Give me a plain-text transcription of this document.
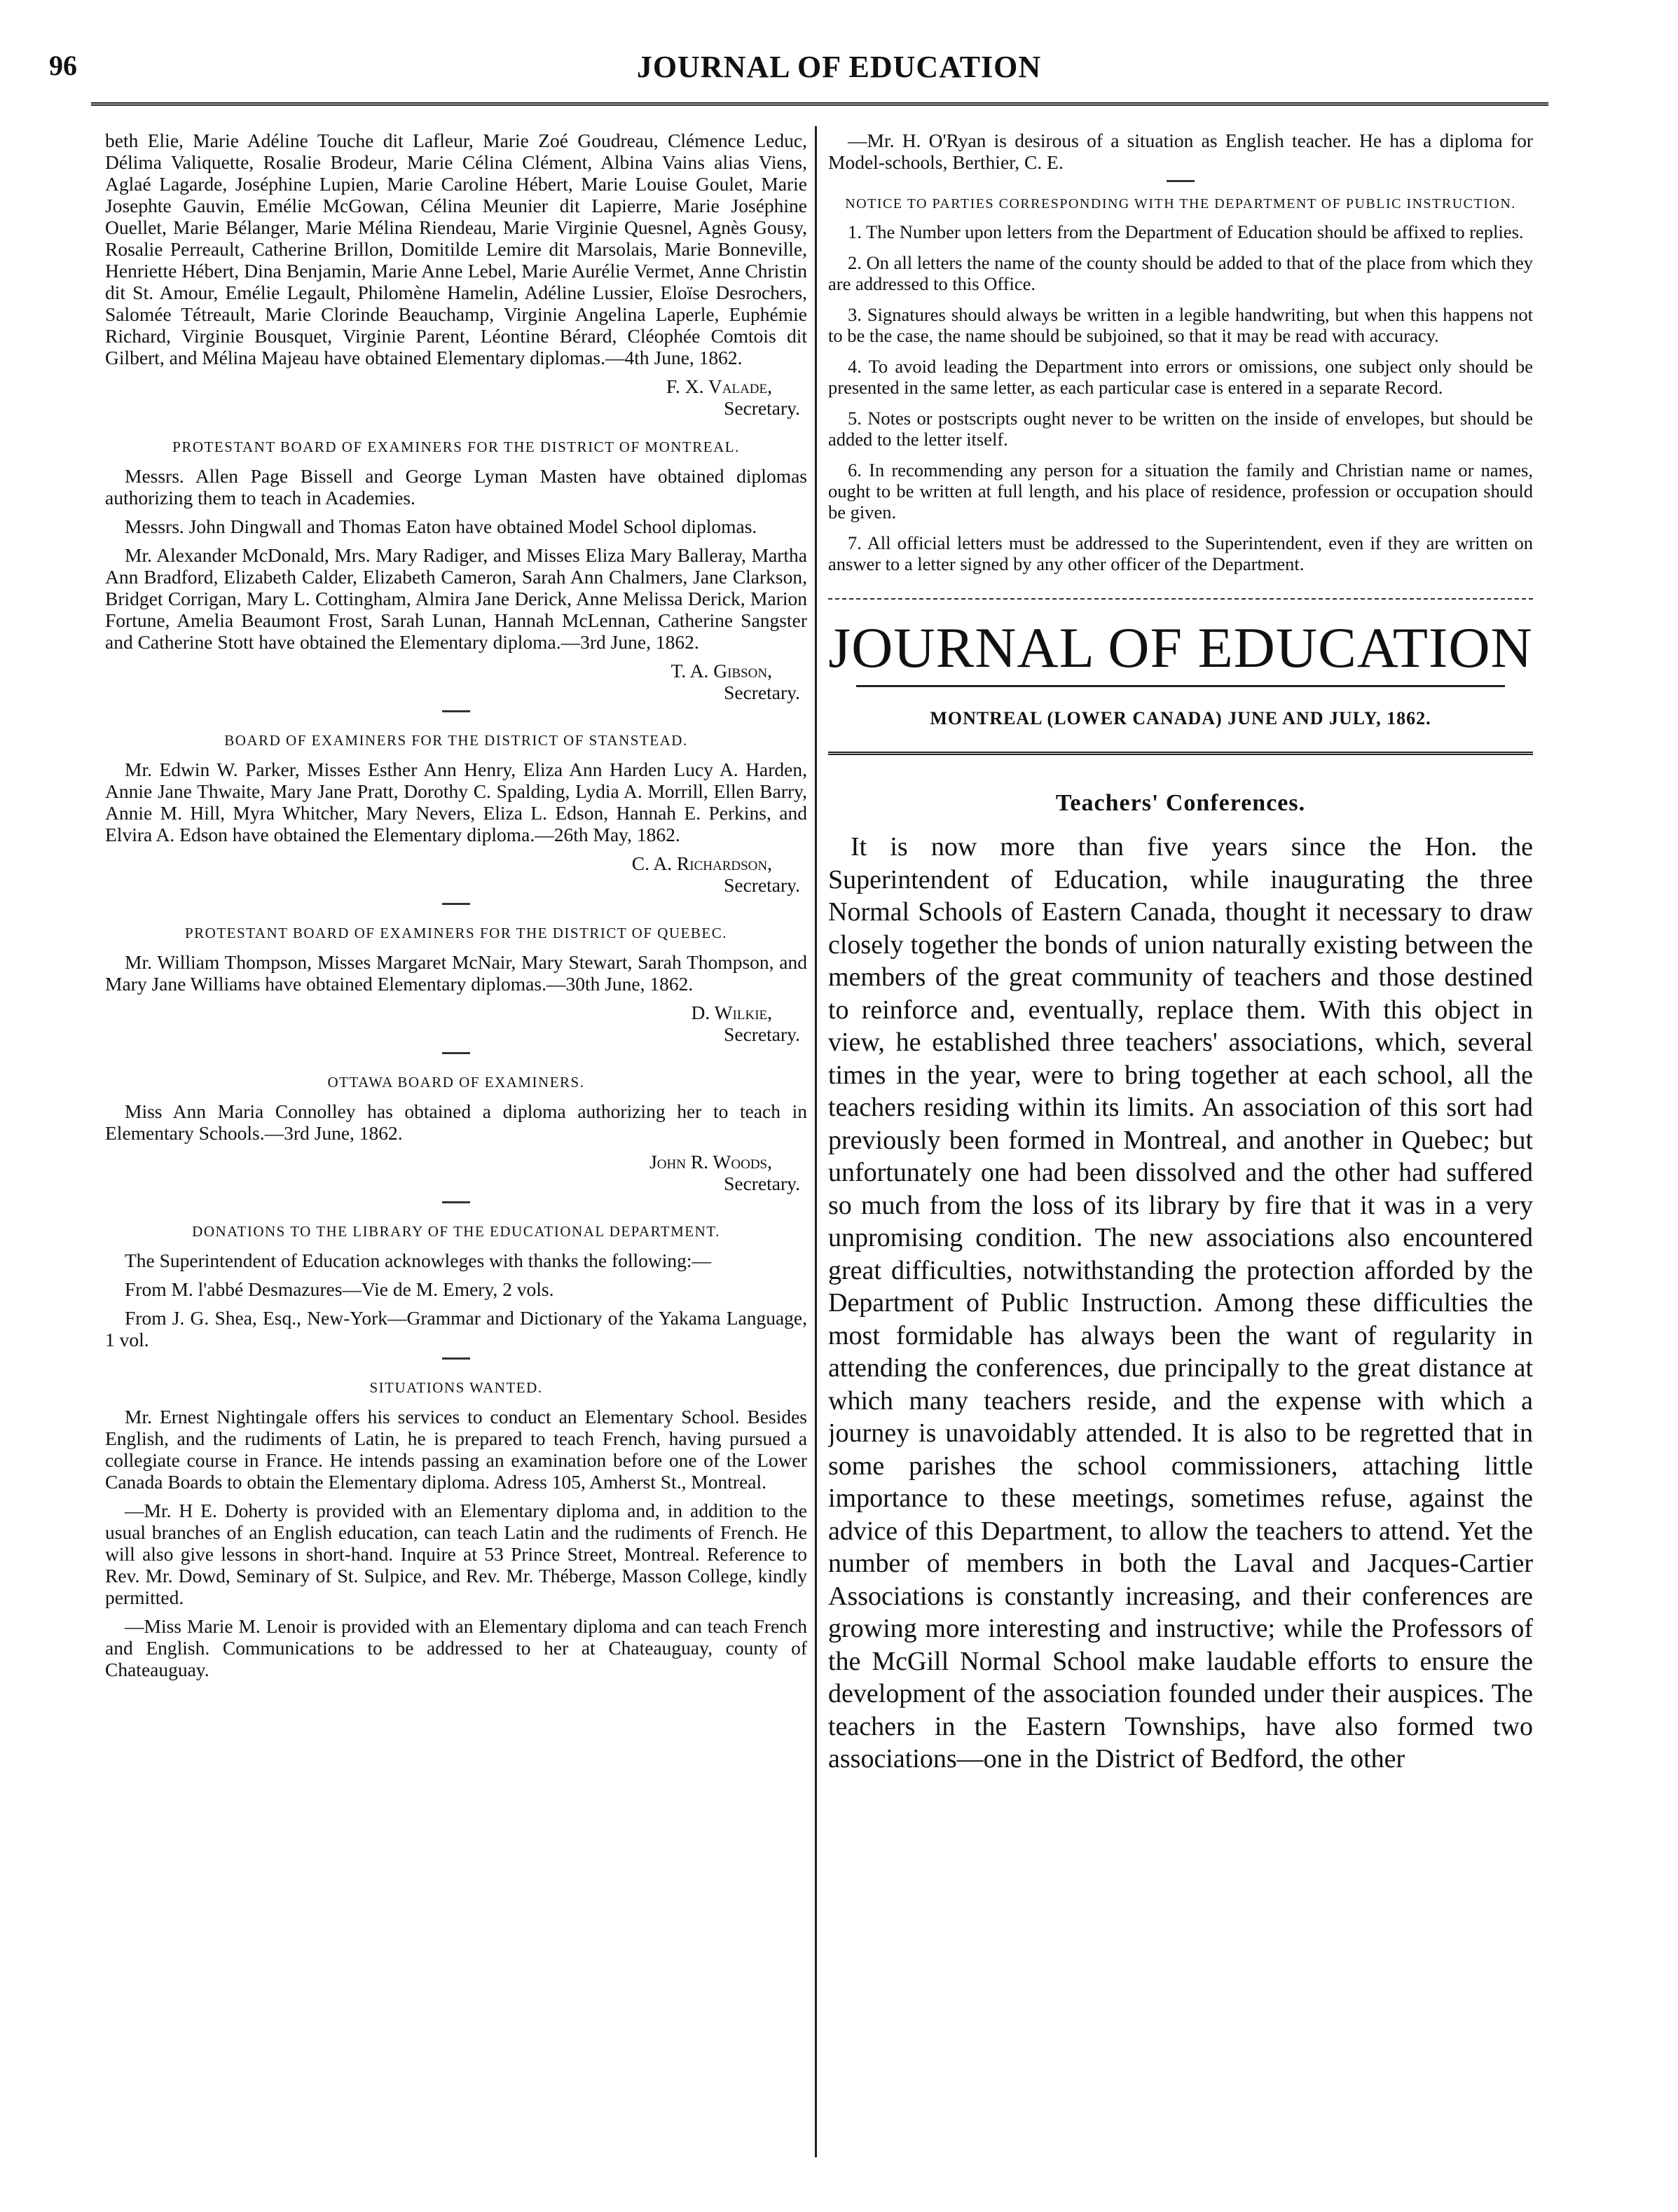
96	JOURNAL OF EDUCATION

beth Elie, Marie Adéline Touche dit Lafleur, Marie Zoé Goudreau, Clémence Leduc, Délima Valiquette, Rosalie Brodeur, Marie Célina Clément, Albina Vains alias Viens, Aglaé Lagarde, Joséphine Lupien, Marie Caroline Hébert, Marie Louise Goulet, Marie Josephte Gauvin, Emélie McGowan, Célina Meunier dit Lapierre, Marie Joséphine Ouellet, Marie Bélanger, Marie Mélina Riendeau, Marie Virginie Quesnel, Agnès Gousy, Rosalie Perreault, Catherine Brillon, Domitilde Lemire dit Marsolais, Marie Bonneville, Henriette Hébert, Dina Benjamin, Marie Anne Lebel, Marie Aurélie Vermet, Anne Christin dit St. Amour, Emélie Legault, Philomène Hamelin, Adéline Lussier, Eloïse Desrochers, Salomée Tétreault, Marie Clorinde Beauchamp, Virginie Angelina Laperle, Euphémie Richard, Virginie Bousquet, Virginie Parent, Léontine Bérard, Cléophée Comtois dit Gilbert, and Mélina Majeau have obtained Elementary diplomas.—4th June, 1862.

F. X. Valade,

Secretary.

PROTESTANT BOARD OF EXAMINERS FOR THE DISTRICT OF MONTREAL.

Messrs. Allen Page Bissell and George Lyman Masten have obtained diplomas authorizing them to teach in Academies.

Messrs. John Dingwall and Thomas Eaton have obtained Model School diplomas.

Mr. Alexander McDonald, Mrs. Mary Radiger, and Misses Eliza Mary Balleray, Martha Ann Bradford, Elizabeth Calder, Elizabeth Cameron, Sarah Ann Chalmers, Jane Clarkson, Bridget Corrigan, Mary L. Cottingham, Almira Jane Derick, Anne Melissa Derick, Marion Fortune, Amelia Beaumont Frost, Sarah Lunan, Hannah McLennan, Catherine Sangster and Catherine Stott have obtained the Elementary diploma.—3rd June, 1862.

T. A. Gibson,

Secretary.

BOARD OF EXAMINERS FOR THE DISTRICT OF STANSTEAD.

Mr. Edwin W. Parker, Misses Esther Ann Henry, Eliza Ann Harden Lucy A. Harden, Annie Jane Thwaite, Mary Jane Pratt, Dorothy C. Spalding, Lydia A. Morrill, Ellen Barry, Annie M. Hill, Myra Whitcher, Mary Nevers, Eliza L. Edson, Hannah E. Perkins, and Elvira A. Edson have obtained the Elementary diploma.—26th May, 1862.

C. A. Richardson,

Secretary.

PROTESTANT BOARD OF EXAMINERS FOR THE DISTRICT OF QUEBEC.

Mr. William Thompson, Misses Margaret McNair, Mary Stewart, Sarah Thompson, and Mary Jane Williams have obtained Elementary diplomas.—30th June, 1862.

D. Wilkie,

Secretary.

OTTAWA BOARD OF EXAMINERS.

Miss Ann Maria Connolley has obtained a diploma authorizing her to teach in Elementary Schools.—3rd June, 1862.

John R. Woods,

Secretary.

DONATIONS TO THE LIBRARY OF THE EDUCATIONAL DEPARTMENT.

The Superintendent of Education acknowleges with thanks the following:—

From M. l'abbé Desmazures—Vie de M. Emery, 2 vols.

From J. G. Shea, Esq., New-York—Grammar and Dictionary of the Yakama Language, 1 vol.

SITUATIONS WANTED.

Mr. Ernest Nightingale offers his services to conduct an Elementary School. Besides English, and the rudiments of Latin, he is prepared to teach French, having pursued a collegiate course in France. He intends passing an examination before one of the Lower Canada Boards to obtain the Elementary diploma. Adress 105, Amherst St., Montreal.

—Mr. H E. Doherty is provided with an Elementary diploma and, in addition to the usual branches of an English education, can teach Latin and the rudiments of French. He will also give lessons in short-hand. Inquire at 53 Prince Street, Montreal. Reference to Rev. Mr. Dowd, Seminary of St. Sulpice, and Rev. Mr. Théberge, Masson College, kindly permitted.

—Miss Marie M. Lenoir is provided with an Elementary diploma and can teach French and English. Communications to be addressed to her at Chateauguay, county of Chateauguay.

—Mr. H. O'Ryan is desirous of a situation as English teacher. He has a diploma for Model-schools, Berthier, C. E.

NOTICE TO PARTIES CORRESPONDING WITH THE DEPARTMENT OF PUBLIC INSTRUCTION.

1. The Number upon letters from the Department of Education should be affixed to replies.

2. On all letters the name of the county should be added to that of the place from which they are addressed to this Office.

3. Signatures should always be written in a legible handwriting, but when this happens not to be the case, the name should be subjoined, so that it may be read with accuracy.

4. To avoid leading the Department into errors or omissions, one subject only should be presented in the same letter, as each particular case is entered in a separate Record.

5. Notes or postscripts ought never to be written on the inside of envelopes, but should be added to the letter itself.

6. In recommending any person for a situation the family and Christian name or names, ought to be written at full length, and his place of residence, profession or occupation should be given.

7. All official letters must be addressed to the Superintendent, even if they are written on answer to a letter signed by any other officer of the Department.

JOURNAL OF EDUCATION
MONTREAL (LOWER CANADA) JUNE AND JULY, 1862.
Teachers' Conferences.

It is now more than five years since the Hon. the Superintendent of Education, while inaugurating the three Normal Schools of Eastern Canada, thought it necessary to draw closely together the bonds of union naturally existing between the members of the great community of teachers and those destined to reinforce and, eventually, replace them. With this object in view, he established three teachers' associations, which, several times in the year, were to bring together at each school, all the teachers residing within its limits. An association of this sort had previously been formed in Montreal, and another in Quebec; but unfortunately one had been dissolved and the other had suffered so much from the loss of its library by fire that it was in a very unpromising condition. The new associations also encountered great difficulties, notwithstanding the protection afforded by the Department of Public Instruction. Among these difficulties the most formidable has always been the want of regularity in attending the conferences, due principally to the great distance at which many teachers reside, and the expense with which a journey is unavoidably attended. It is also to be regretted that in some parishes the school commissioners, attaching little importance to these meetings, sometimes refuse, against the advice of this Department, to allow the teachers to attend. Yet the number of members in both the Laval and Jacques-Cartier Associations is constantly increasing, and their conferences are growing more interesting and instructive; while the Professors of the McGill Normal School make laudable efforts to ensure the development of the association founded under their auspices. The teachers in the Eastern Townships, have also formed two associations—one in the District of Bedford, the other
